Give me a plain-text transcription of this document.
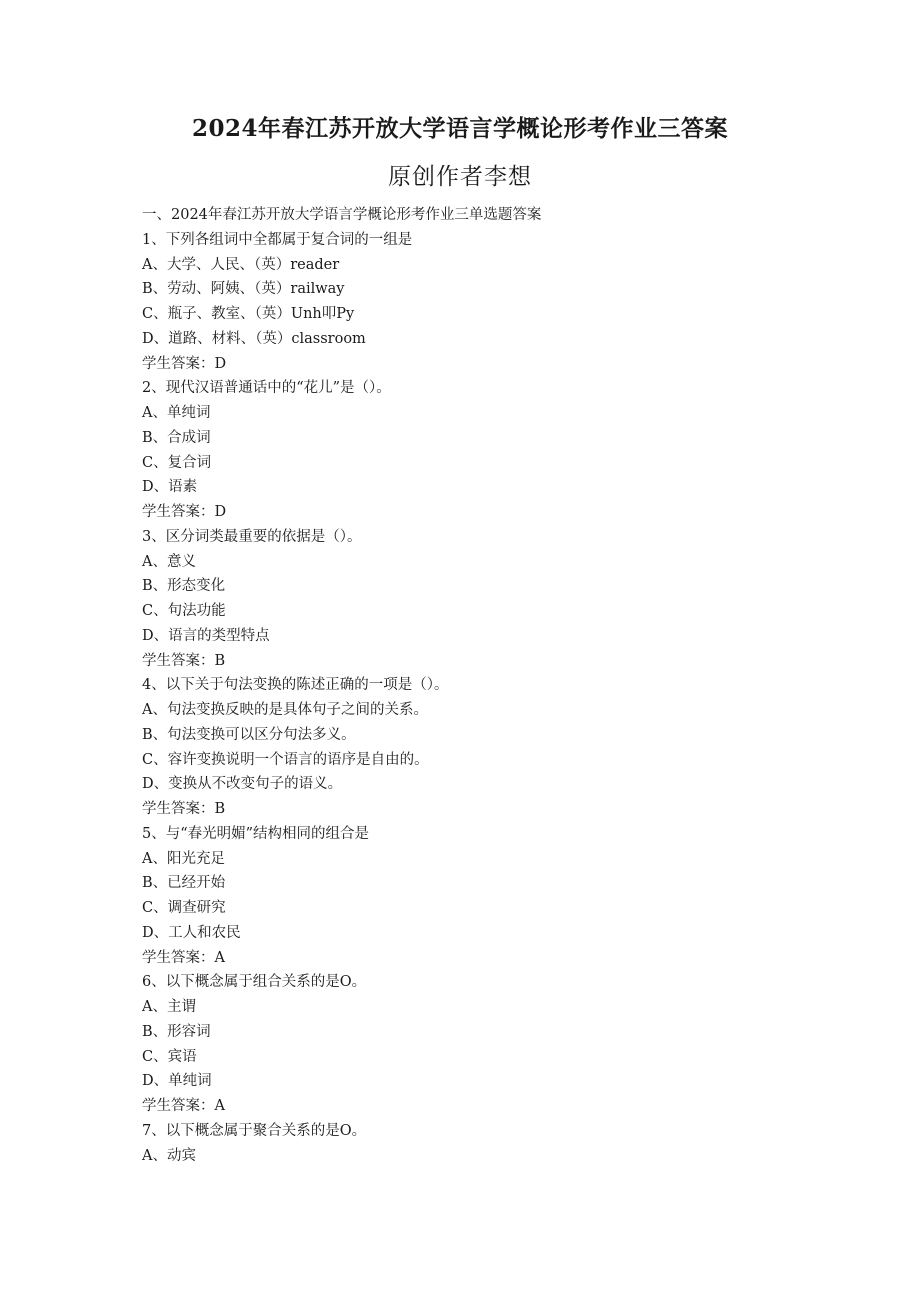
2024年春江苏开放大学语言学概论形考作业三答案
原创作者李想
一、2024年春江苏开放大学语言学概论形考作业三单选题答案
1、下列各组词中全都属于复合词的一组是
A、大学、人民、（英）reader
B、劳动、阿姨、（英）railway
C、瓶子、教室、（英）Unh叩Py
D、道路、材料、（英）classroom
学生答案：D
2、现代汉语普通话中的“花儿”是（）。
A、单纯词
B、合成词
C、复合词
D、语素
学生答案：D
3、区分词类最重要的依据是（）。
A、意义
B、形态变化
C、句法功能
D、语言的类型特点
学生答案：B
4、以下关于句法变换的陈述正确的一项是（）。
A、句法变换反映的是具体句子之间的关系。
B、句法变换可以区分句法多义。
C、容许变换说明一个语言的语序是自由的。
D、变换从不改变句子的语义。
学生答案：B
5、与“春光明媚”结构相同的组合是
A、阳光充足
B、已经开始
C、调查研究
D、工人和农民
学生答案：A
6、以下概念属于组合关系的是O。
A、主谓
B、形容词
C、宾语
D、单纯词
学生答案：A
7、以下概念属于聚合关系的是O。
A、动宾
